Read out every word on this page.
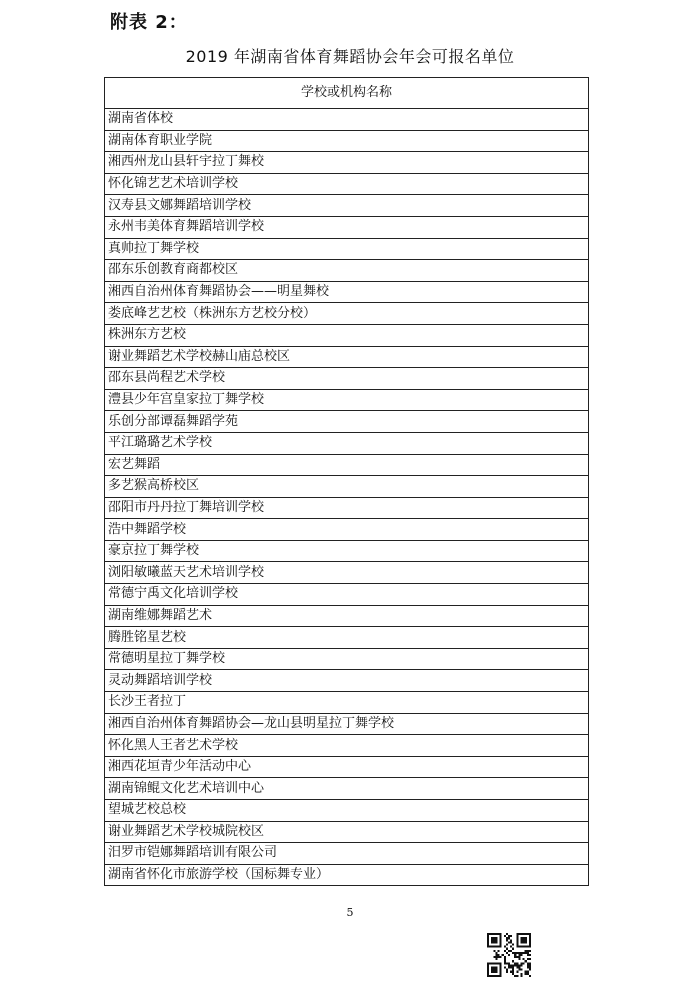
附表 2：
2019 年湖南省体育舞蹈协会年会可报名单位
学校或机构名称
湖南省体校
湖南体育职业学院
湘西州龙山县轩宇拉丁舞校
怀化锦艺艺术培训学校
汉寿县文娜舞蹈培训学校
永州韦美体育舞蹈培训学校
真帅拉丁舞学校
邵东乐创教育商都校区
湘西自治州体育舞蹈协会——明星舞校
娄底峰艺艺校（株洲东方艺校分校）
株洲东方艺校
谢业舞蹈艺术学校赫山庙总校区
邵东县尚程艺术学校
澧县少年宫皇家拉丁舞学校
乐创分部谭磊舞蹈学苑
平江璐璐艺术学校
宏艺舞蹈
多艺猴高桥校区
邵阳市丹丹拉丁舞培训学校
浩中舞蹈学校
豪京拉丁舞学校
浏阳敏曦蓝天艺术培训学校
常德宁禹文化培训学校
湖南维娜舞蹈艺术
腾胜铭星艺校
常德明星拉丁舞学校
灵动舞蹈培训学校
长沙王者拉丁
湘西自治州体育舞蹈协会—龙山县明星拉丁舞学校
怀化黑人王者艺术学校
湘西花垣青少年活动中心
湖南锦鲲文化艺术培训中心
望城艺校总校
谢业舞蹈艺术学校城院校区
汨罗市铠娜舞蹈培训有限公司
湖南省怀化市旅游学校（国标舞专业）
5
